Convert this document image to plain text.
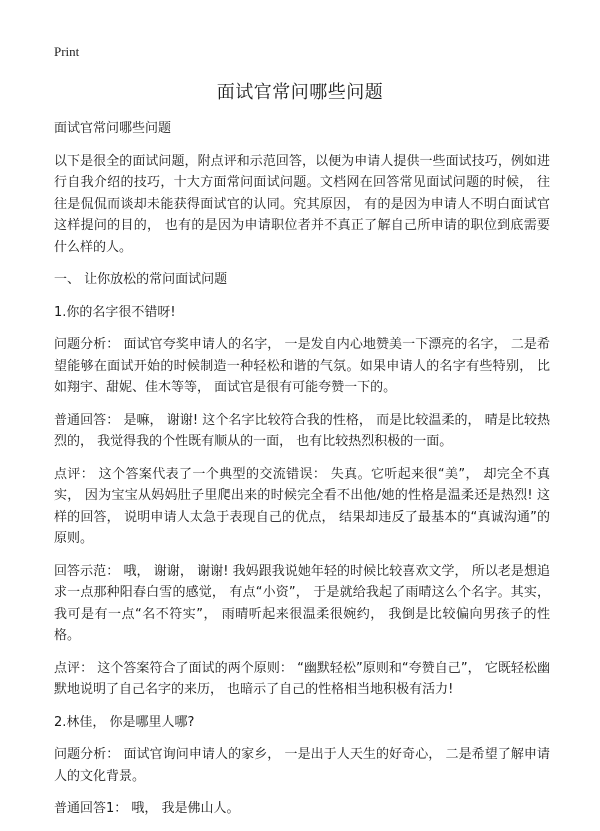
Print
面试官常问哪些问题

面试官常问哪些问题

以下是很全的面试问题，附点评和示范回答，以便为申请人提供一些面试技巧，例如进行自我介绍的技巧，十大方面常问面试问题。文档网在回答常见面试问题的时候， 往往是侃侃而谈却未能获得面试官的认同。究其原因， 有的是因为申请人不明白面试官这样提问的目的， 也有的是因为申请职位者并不真正了解自己所申请的职位到底需要什么样的人。

一、 让你放松的常问面试问题

1.你的名字很不错呀!

问题分析： 面试官夸奖申请人的名字， 一是发自内心地赞美一下漂亮的名字， 二是希望能够在面试开始的时候制造一种轻松和谐的气氛。如果申请人的名字有些特别， 比如翔宇、甜妮、佳木等等， 面试官是很有可能夸赞一下的。

普通回答： 是嘛， 谢谢! 这个名字比较符合我的性格， 而是比较温柔的， 晴是比较热烈的， 我觉得我的个性既有顺从的一面， 也有比较热烈积极的一面。

点评： 这个答案代表了一个典型的交流错误： 失真。它听起来很“美”， 却完全不真实， 因为宝宝从妈妈肚子里爬出来的时候完全看不出他/她的性格是温柔还是热烈! 这样的回答， 说明申请人太急于表现自己的优点， 结果却违反了最基本的“真诚沟通”的原则。

回答示范： 哦， 谢谢， 谢谢! 我妈跟我说她年轻的时候比较喜欢文学， 所以老是想追求一点那种阳春白雪的感觉， 有点“小资”， 于是就给我起了雨晴这么个名字。其实， 我可是有一点“名不符实”， 雨晴听起来很温柔很婉约， 我倒是比较偏向男孩子的性格。

点评： 这个答案符合了面试的两个原则： “幽默轻松”原则和“夸赞自己”， 它既轻松幽默地说明了自己名字的来历， 也暗示了自己的性格相当地积极有活力!

2.林佳， 你是哪里人哪?

问题分析： 面试官询问申请人的家乡， 一是出于人天生的好奇心， 二是希望了解申请人的文化背景。

普通回答1： 哦， 我是佛山人。
